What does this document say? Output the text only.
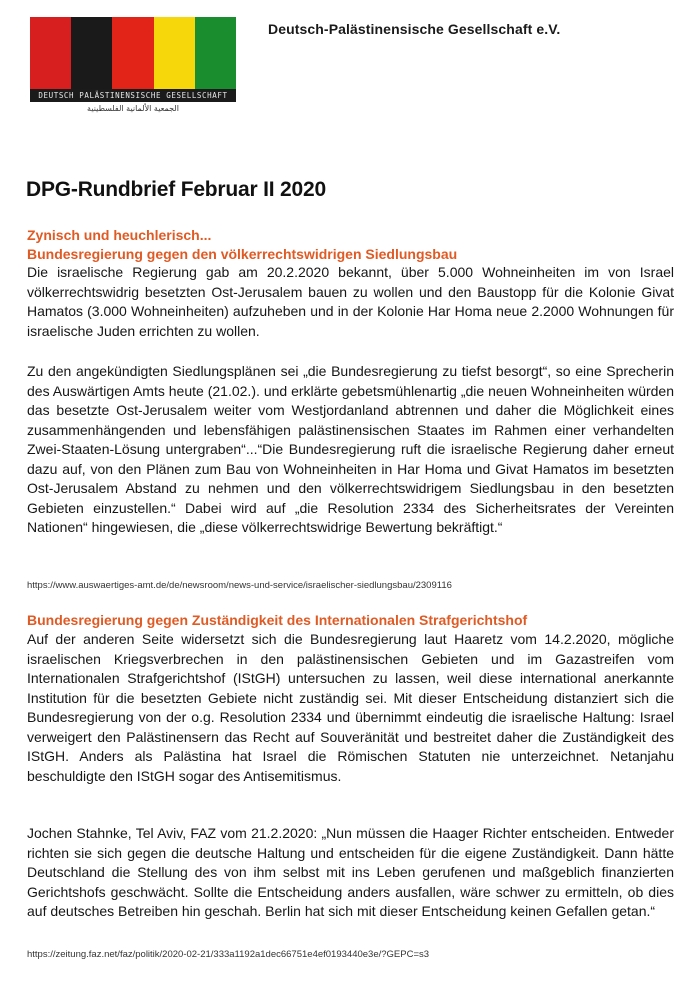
Deutsch-Palästinensische Gesellschaft e.V.
DEUTSCH PALÄSTINENSISCHE GESELLSCHAFT
الجمعية الألمانية الفلسطينية
DPG-Rundbrief Februar II 2020
Zynisch und heuchlerisch...
Bundesregierung gegen den völkerrechtswidrigen Siedlungsbau

Die israelische Regierung gab am 20.2.2020 bekannt, über 5.000 Wohneinheiten im von Israel völkerrechtswidrig besetzten Ost-Jerusalem bauen zu wollen und den Baustopp für die Kolonie Givat Hamatos (3.000 Wohneinheiten) aufzuheben und in der Kolonie Har Homa neue 2.2000 Wohnungen für israelische Juden errichten zu wollen.

Zu den angekündigten Siedlungsplänen sei „die Bundesregierung zu tiefst besorgt“, so eine Sprecherin des Auswärtigen Amts heute (21.02.). und erklärte gebetsmühlenartig „die neuen Wohneinheiten würden das besetzte Ost-Jerusalem weiter vom Westjordanland abtrennen und daher die Möglichkeit eines zusammenhängenden und lebensfähigen palästinensischen Staates im Rahmen einer verhandelten Zwei-Staaten-Lösung untergraben“...“Die Bundesregierung ruft die israelische Regierung daher erneut dazu auf, von den Plänen zum Bau von Wohneinheiten in Har Homa und Givat Hamatos im besetzten Ost-Jerusalem Abstand zu nehmen und den völkerrechtswidrigem Siedlungsbau in den besetzten Gebieten einzustellen.“ Dabei wird auf „die Resolution 2334 des Sicherheitsrates der Vereinten Nationen“ hingewiesen, die „diese völkerrechtswidrige Bewertung bekräftigt.“

https://www.auswaertiges-amt.de/de/newsroom/news-und-service/israelischer-siedlungsbau/2309116
Bundesregierung gegen Zuständigkeit des Internationalen Strafgerichtshof

Auf der anderen Seite widersetzt sich die Bundesregierung laut Haaretz vom 14.2.2020, mögliche israelischen Kriegsverbrechen in den palästinensischen Gebieten und im Gazastreifen vom Internationalen Strafgerichtshof (IStGH) untersuchen zu lassen, weil diese international anerkannte Institution für die besetzten Gebiete nicht zuständig sei. Mit dieser Entscheidung distanziert sich die Bundesregierung von der o.g. Resolution 2334 und übernimmt eindeutig die israelische Haltung: Israel verweigert den Palästinensern das Recht auf Souveränität und bestreitet daher die Zuständigkeit des IStGH. Anders als Palästina hat Israel die Römischen Statuten nie unterzeichnet. Netanjahu beschuldigte den IStGH sogar des Antisemitismus.

Jochen Stahnke, Tel Aviv, FAZ vom 21.2.2020: „Nun müssen die Haager Richter entscheiden. Entweder richten sie sich gegen die deutsche Haltung und entscheiden für die eigene Zuständigkeit. Dann hätte Deutschland die Stellung des von ihm selbst mit ins Leben gerufenen und maßgeblich finanzierten Gerichtshofs geschwächt. Sollte die Entscheidung anders ausfallen, wäre schwer zu ermitteln, ob dies auf deutsches Betreiben hin geschah. Berlin hat sich mit dieser Entscheidung keinen Gefallen getan.“

https://zeitung.faz.net/faz/politik/2020-02-21/333a1192a1dec66751e4ef0193440e3e/?GEPC=s3
